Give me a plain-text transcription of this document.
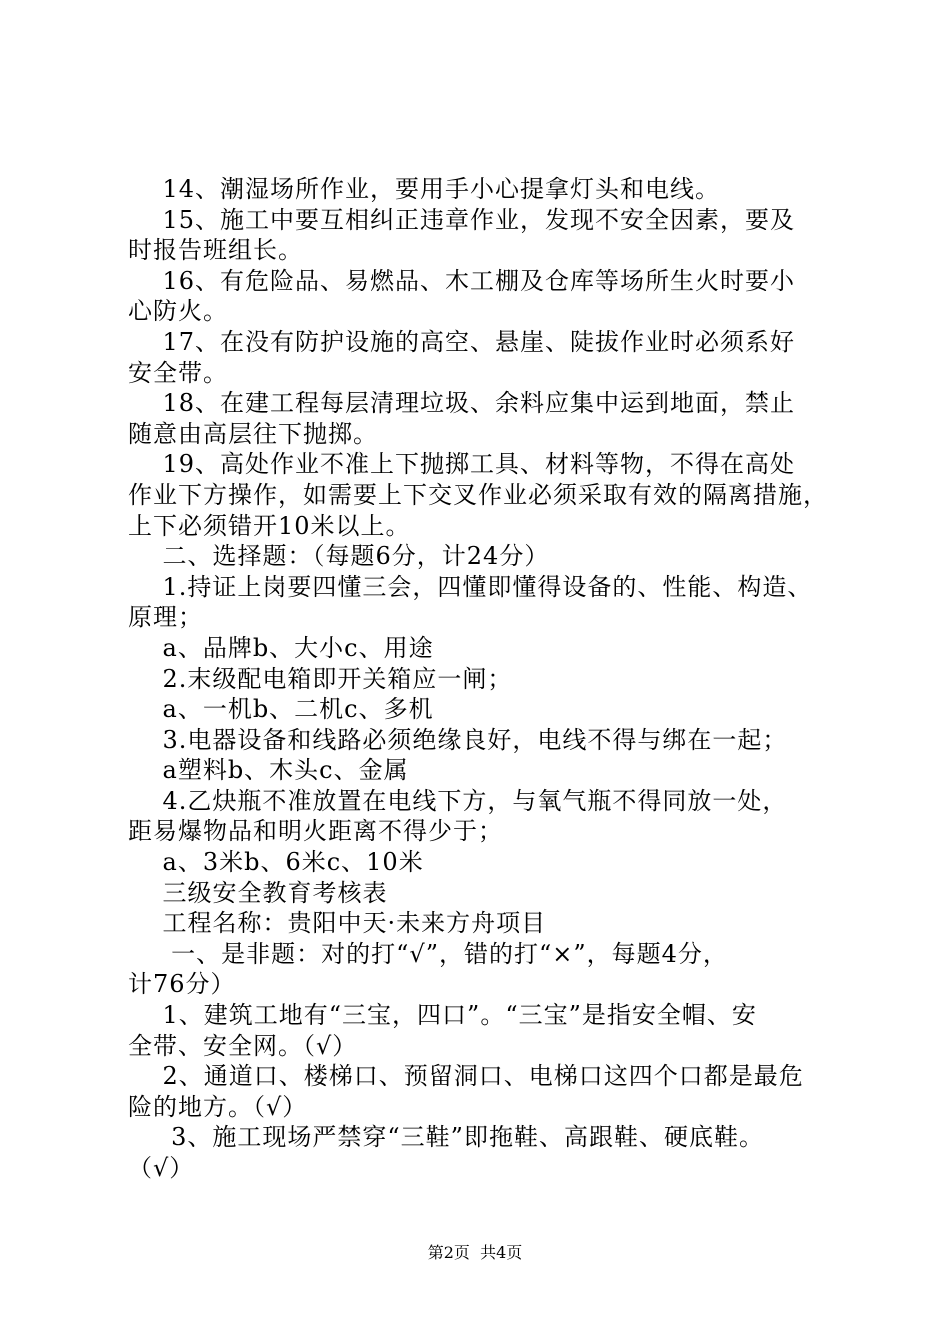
14、潮湿场所作业，要用手小心提拿灯头和电线。
15、施工中要互相纠正违章作业，发现不安全因素，要及
时报告班组长。
16、有危险品、易燃品、木工棚及仓库等场所生火时要小
心防火。
17、在没有防护设施的高空、悬崖、陡拔作业时必须系好
安全带。
18、在建工程每层清理垃圾、余料应集中运到地面，禁止
随意由高层往下抛掷。
19、高处作业不准上下抛掷工具、材料等物，不得在高处
作业下方操作，如需要上下交叉作业必须采取有效的隔离措施，
上下必须错开10米以上。
二、选择题：（每题6分，计24分）
1.持证上岗要四懂三会，四懂即懂得设备的、性能、构造、
原理；
a、品牌b、大小c、用途
2.末级配电箱即开关箱应一闸；
a、一机b、二机c、多机
3.电器设备和线路必须绝缘良好，电线不得与绑在一起；
a塑料b、木头c、金属
4.乙炔瓶不准放置在电线下方，与氧气瓶不得同放一处，
距易爆物品和明火距离不得少于；
a、3米b、6米c、10米
三级安全教育考核表
工程名称：贵阳中天·未来方舟项目
一、是非题：对的打“√”，错的打“×”，每题4分，
计76分）
1、建筑工地有“三宝，四口”。“三宝”是指安全帽、安
全带、安全网。（√）
2、通道口、楼梯口、预留洞口、电梯口这四个口都是最危
险的地方。（√）
3、施工现场严禁穿“三鞋”即拖鞋、高跟鞋、硬底鞋。
（√）
第2页  共4页
